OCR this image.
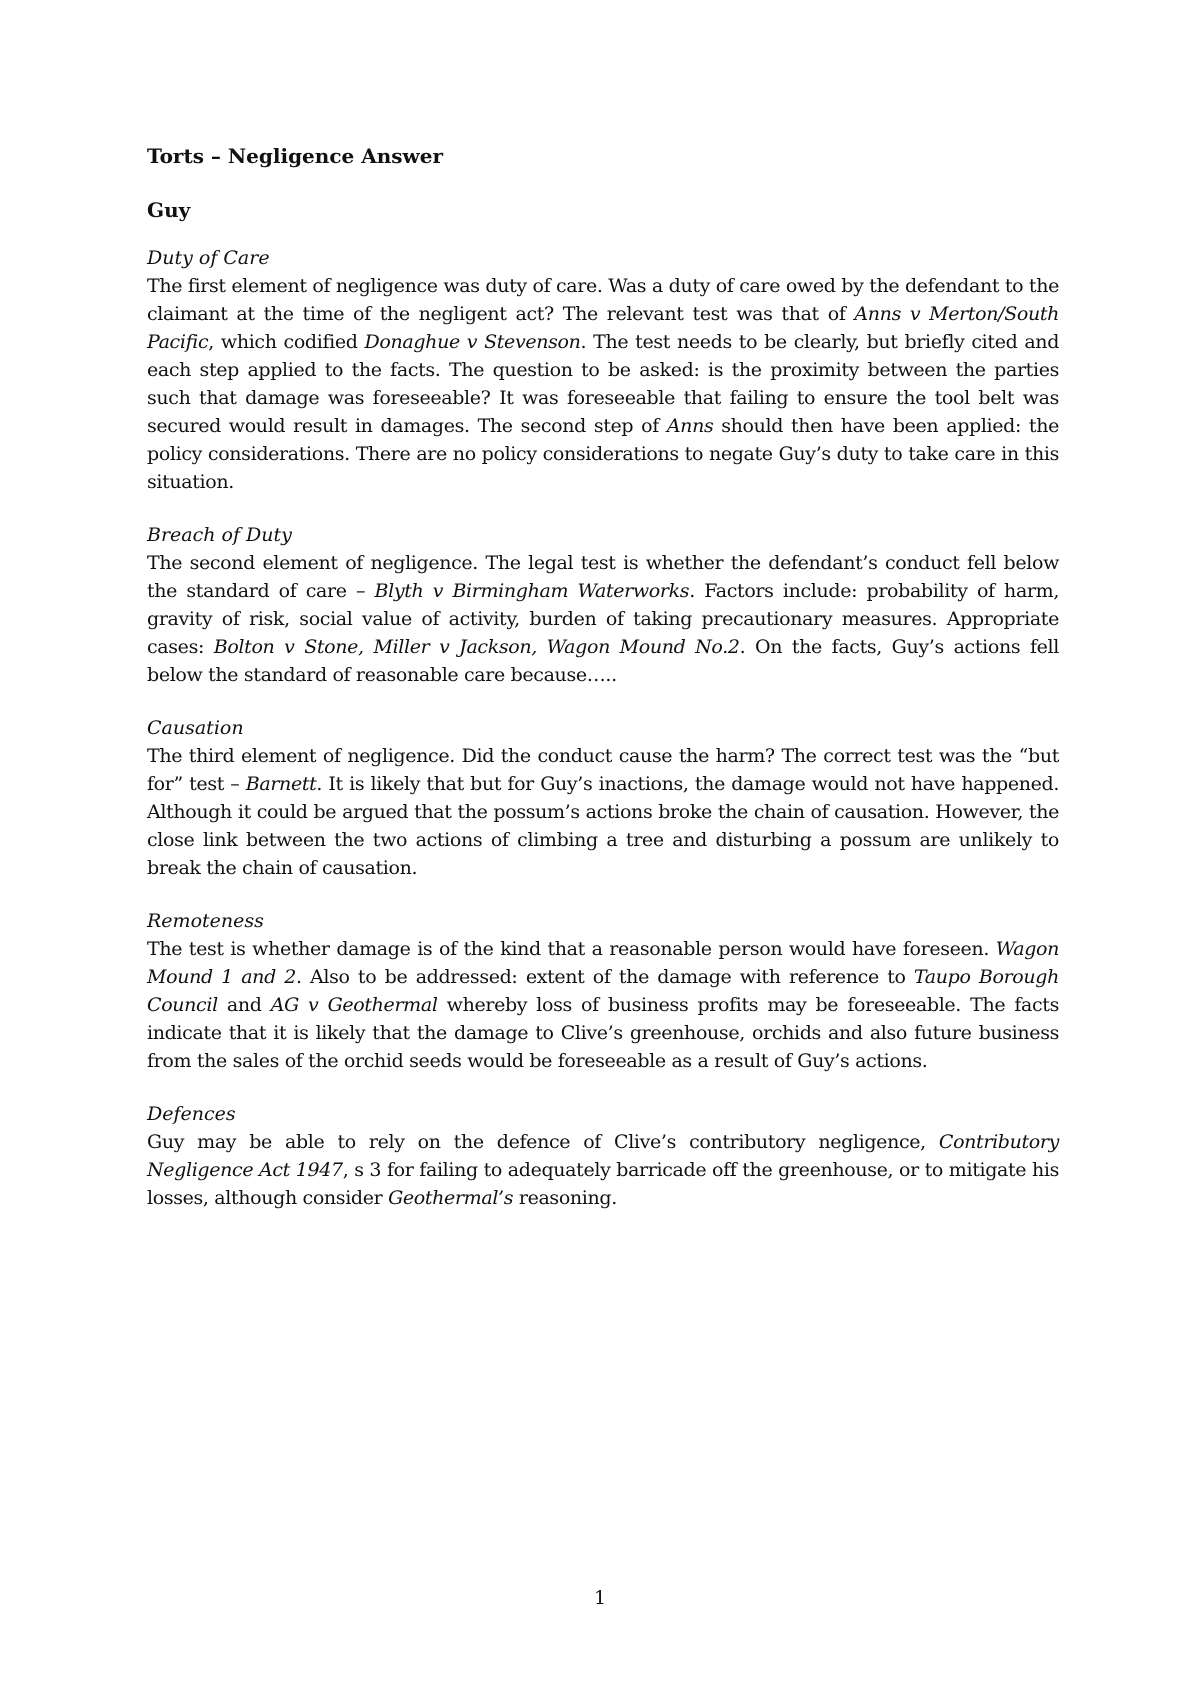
Torts – Negligence Answer
Guy
Duty of Care

The first element of negligence was duty of care. Was a duty of care owed by the defendant to the claimant at the time of the negligent act? The relevant test was that of Anns v Merton/South Pacific, which codified Donaghue v Stevenson. The test needs to be clearly, but briefly cited and each step applied to the facts. The question to be asked: is the proximity between the parties such that damage was foreseeable? It was foreseeable that failing to ensure the tool belt was secured would result in damages. The second step of Anns should then have been applied: the policy considerations. There are no policy considerations to negate Guy’s duty to take care in this situation.

Breach of Duty

The second element of negligence. The legal test is whether the defendant’s conduct fell below the standard of care – Blyth v Birmingham Waterworks. Factors include: probability of harm, gravity of risk, social value of activity, burden of taking precautionary measures. Appropriate cases: Bolton v Stone, Miller v Jackson, Wagon Mound No.2. On the facts, Guy’s actions fell below the standard of reasonable care because…..

Causation

The third element of negligence. Did the conduct cause the harm? The correct test was the “but for” test – Barnett. It is likely that but for Guy’s inactions, the damage would not have happened. Although it could be argued that the possum’s actions broke the chain of causation. However, the close link between the two actions of climbing a tree and disturbing a possum are unlikely to break the chain of causation.

Remoteness

The test is whether damage is of the kind that a reasonable person would have foreseen. Wagon Mound 1 and 2. Also to be addressed: extent of the damage with reference to Taupo Borough Council and AG v Geothermal whereby loss of business profits may be foreseeable. The facts indicate that it is likely that the damage to Clive’s greenhouse, orchids and also future business from the sales of the orchid seeds would be foreseeable as a result of Guy’s actions.

Defences

Guy may be able to rely on the defence of Clive’s contributory negligence, Contributory Negligence Act 1947, s 3 for failing to adequately barricade off the greenhouse, or to mitigate his losses, although consider Geothermal’s reasoning.

1
